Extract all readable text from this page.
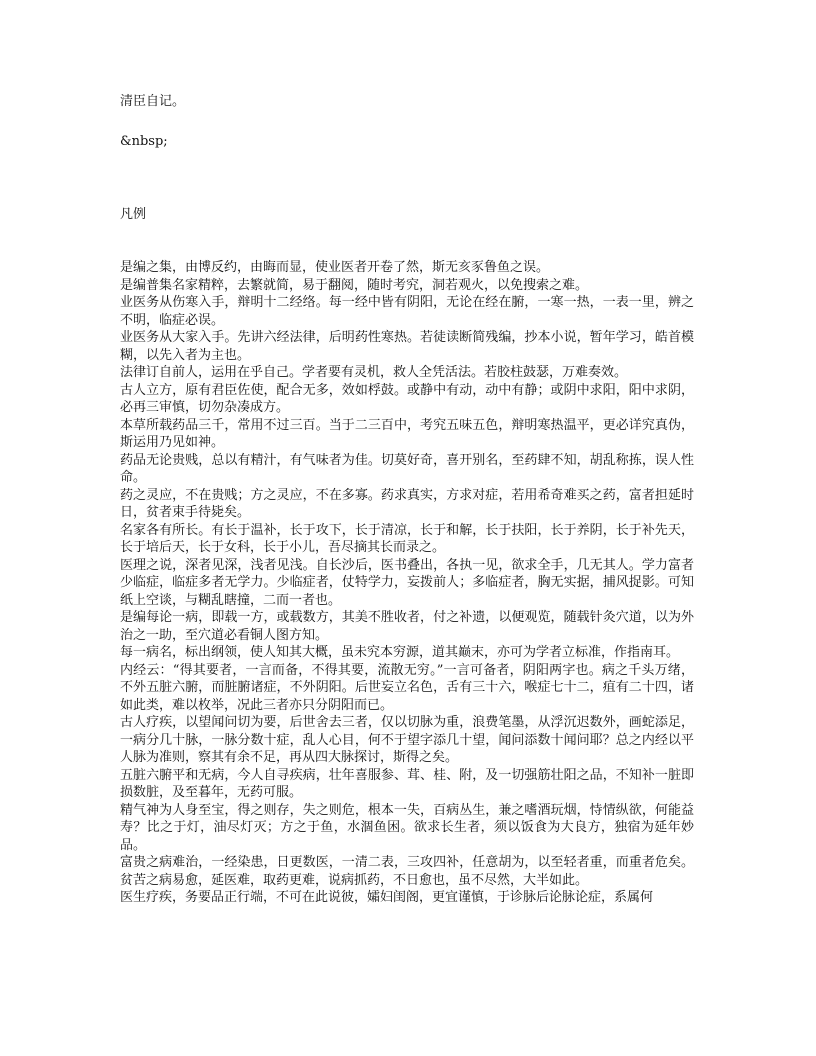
清臣自记。

&nbsp;

凡例

是编之集，由博反约，由晦而显，使业医者开卷了然，斯无亥豕鲁鱼之误。

是编普集名家精粹，去繁就简，易于翻阅，随时考究，洞若观火，以免搜索之难。

业医务从伤寒入手，辩明十二经络。每一经中皆有阴阳，无论在经在腑，一寒一热，一表一里，辨之不明，临症必误。

业医务从大家入手。先讲六经法律，后明药性寒热。若徒读断简残编，抄本小说，暂年学习，皓首模糊，以先入者为主也。

法律订自前人，运用在乎自己。学者要有灵机，救人全凭活法。若胶柱鼓瑟，万难奏效。

古人立方，原有君臣佐使，配合无多，效如桴鼓。或静中有动，动中有静；或阴中求阳，阳中求阴，必再三审慎，切勿杂凑成方。

本草所载药品三千，常用不过三百。当于二三百中，考究五味五色，辩明寒热温平，更必详究真伪，斯运用乃见如神。

药品无论贵贱，总以有精汁，有气味者为佳。切莫好奇，喜开别名，至药肆不知，胡乱称拣，误人性命。

药之灵应，不在贵贱；方之灵应，不在多寡。药求真实，方求对症，若用希奇难买之药，富者担延时日，贫者束手待毙矣。

名家各有所长。有长于温补，长于攻下，长于清凉，长于和解，长于扶阳，长于养阴，长于补先天，长于培后天，长于女科，长于小儿，吾尽摘其长而录之。

医理之说，深者见深，浅者见浅。自长沙后，医书叠出，各执一见，欲求全手，几无其人。学力富者少临症，临症多者无学力。少临症者，仗特学力，妄拨前人；多临症者，胸无实据，捕风捉影。可知纸上空谈，与糊乱瞎撞，二而一者也。

是编每论一病，即载一方，或载数方，其美不胜收者，付之补遗，以便观览，随载针灸穴道，以为外治之一助，至穴道必看铜人图方知。

每一病名，标出纲领，使人知其大概，虽未究本穷源，道其巅末，亦可为学者立标准，作指南耳。

内经云：“得其要者，一言而备，不得其要，流散无穷。”一言可备者，阴阳两字也。病之千头万绪，不外五脏六腑，而脏腑诸症，不外阴阳。后世妄立名色，舌有三十六，喉症七十二，疽有二十四，诸如此类，难以枚举，况此三者亦只分阴阳而已。

古人疗疾，以望闻问切为要，后世舍去三者，仅以切脉为重，浪费笔墨，从浮沉迟数外，画蛇添足，一病分几十脉，一脉分数十症，乱人心目，何不于望字添几十望，闻问添数十闻问耶？总之内经以平人脉为准则，察其有余不足，再从四大脉探讨，斯得之矣。

五脏六腑平和无病，今人自寻疾病，壮年喜服参、茸、桂、附，及一切强筋壮阳之品，不知补一脏即损数脏，及至暮年，无药可服。

精气神为人身至宝，得之则存，失之则危，根本一失，百病丛生，兼之嗜酒玩烟，恃情纵欲，何能益寿？比之于灯，油尽灯灭；方之于鱼，水涸鱼困。欲求长生者，须以饭食为大良方，独宿为延年妙品。

富贵之病难治，一经染患，日更数医，一清二表，三攻四补，任意胡为，以至轻者重，而重者危矣。贫苦之病易愈，延医难，取药更难，说病抓药，不日愈也，虽不尽然，大半如此。

医生疗疾，务要品正行端，不可在此说彼，孀妇闺阁，更宜谨慎，于诊脉后论脉论症，系属何
